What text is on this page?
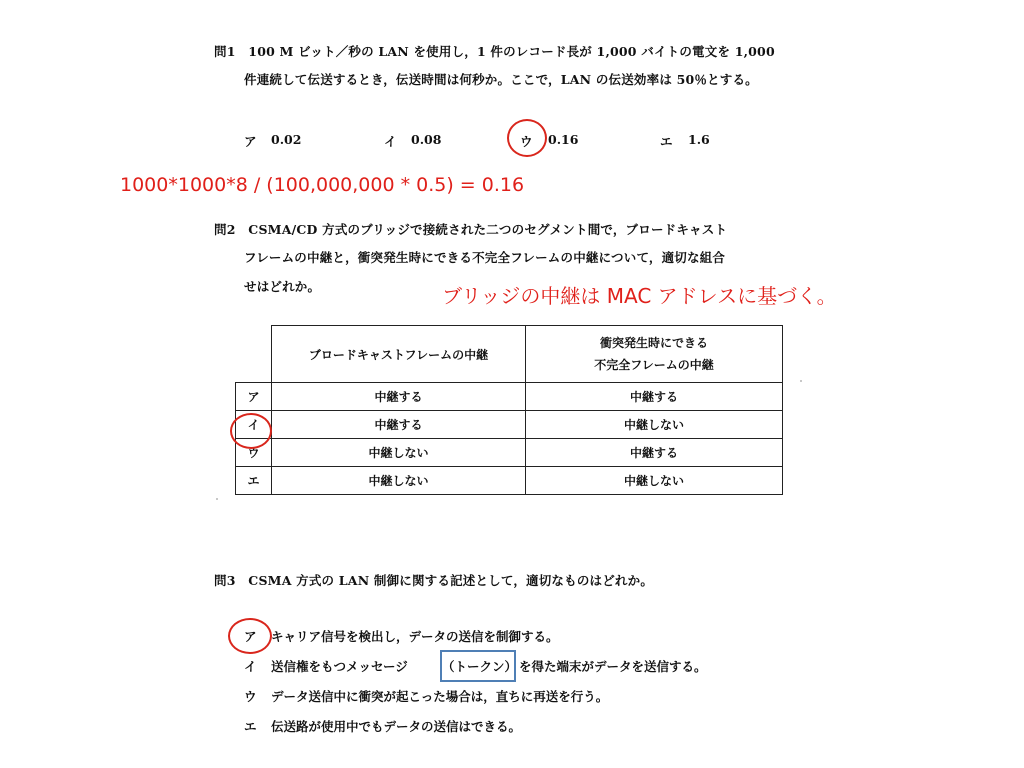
問1　100 M ビット／秒の LAN を使用し，1 件のレコード長が 1,000 バイトの電文を 1,000
件連続して伝送するとき，伝送時間は何秒か。ここで，LAN の伝送効率は 50％とする。
ア 0.02	イ 0.08	ウ 0.16	エ 1.6
1000*1000*8 / (100,000,000 * 0.5) = 0.16
問2　CSMA/CD 方式のブリッジで接続された二つのセグメント間で，ブロードキャスト
フレームの中継と，衝突発生時にできる不完全フレームの中継について，適切な組合
せはどれか。	ブリッジの中継は MAC アドレスに基づく。
	ブロードキャストフレームの中継	衝突発生時にできる
不完全フレームの中継

ア	中継する	中継する
イ	中継する	中継しない
ウ	中継しない	中継する
エ	中継しない	中継しない
問3　CSMA 方式の LAN 制御に関する記述として，適切なものはどれか。
ア キャリア信号を検出し，データの送信を制御する。
イ 送信権をもつメッセージ	（トークン） を得た端末がデータを送信する。
ウ データ送信中に衝突が起こった場合は，直ちに再送を行う。
エ 伝送路が使用中でもデータの送信はできる。
